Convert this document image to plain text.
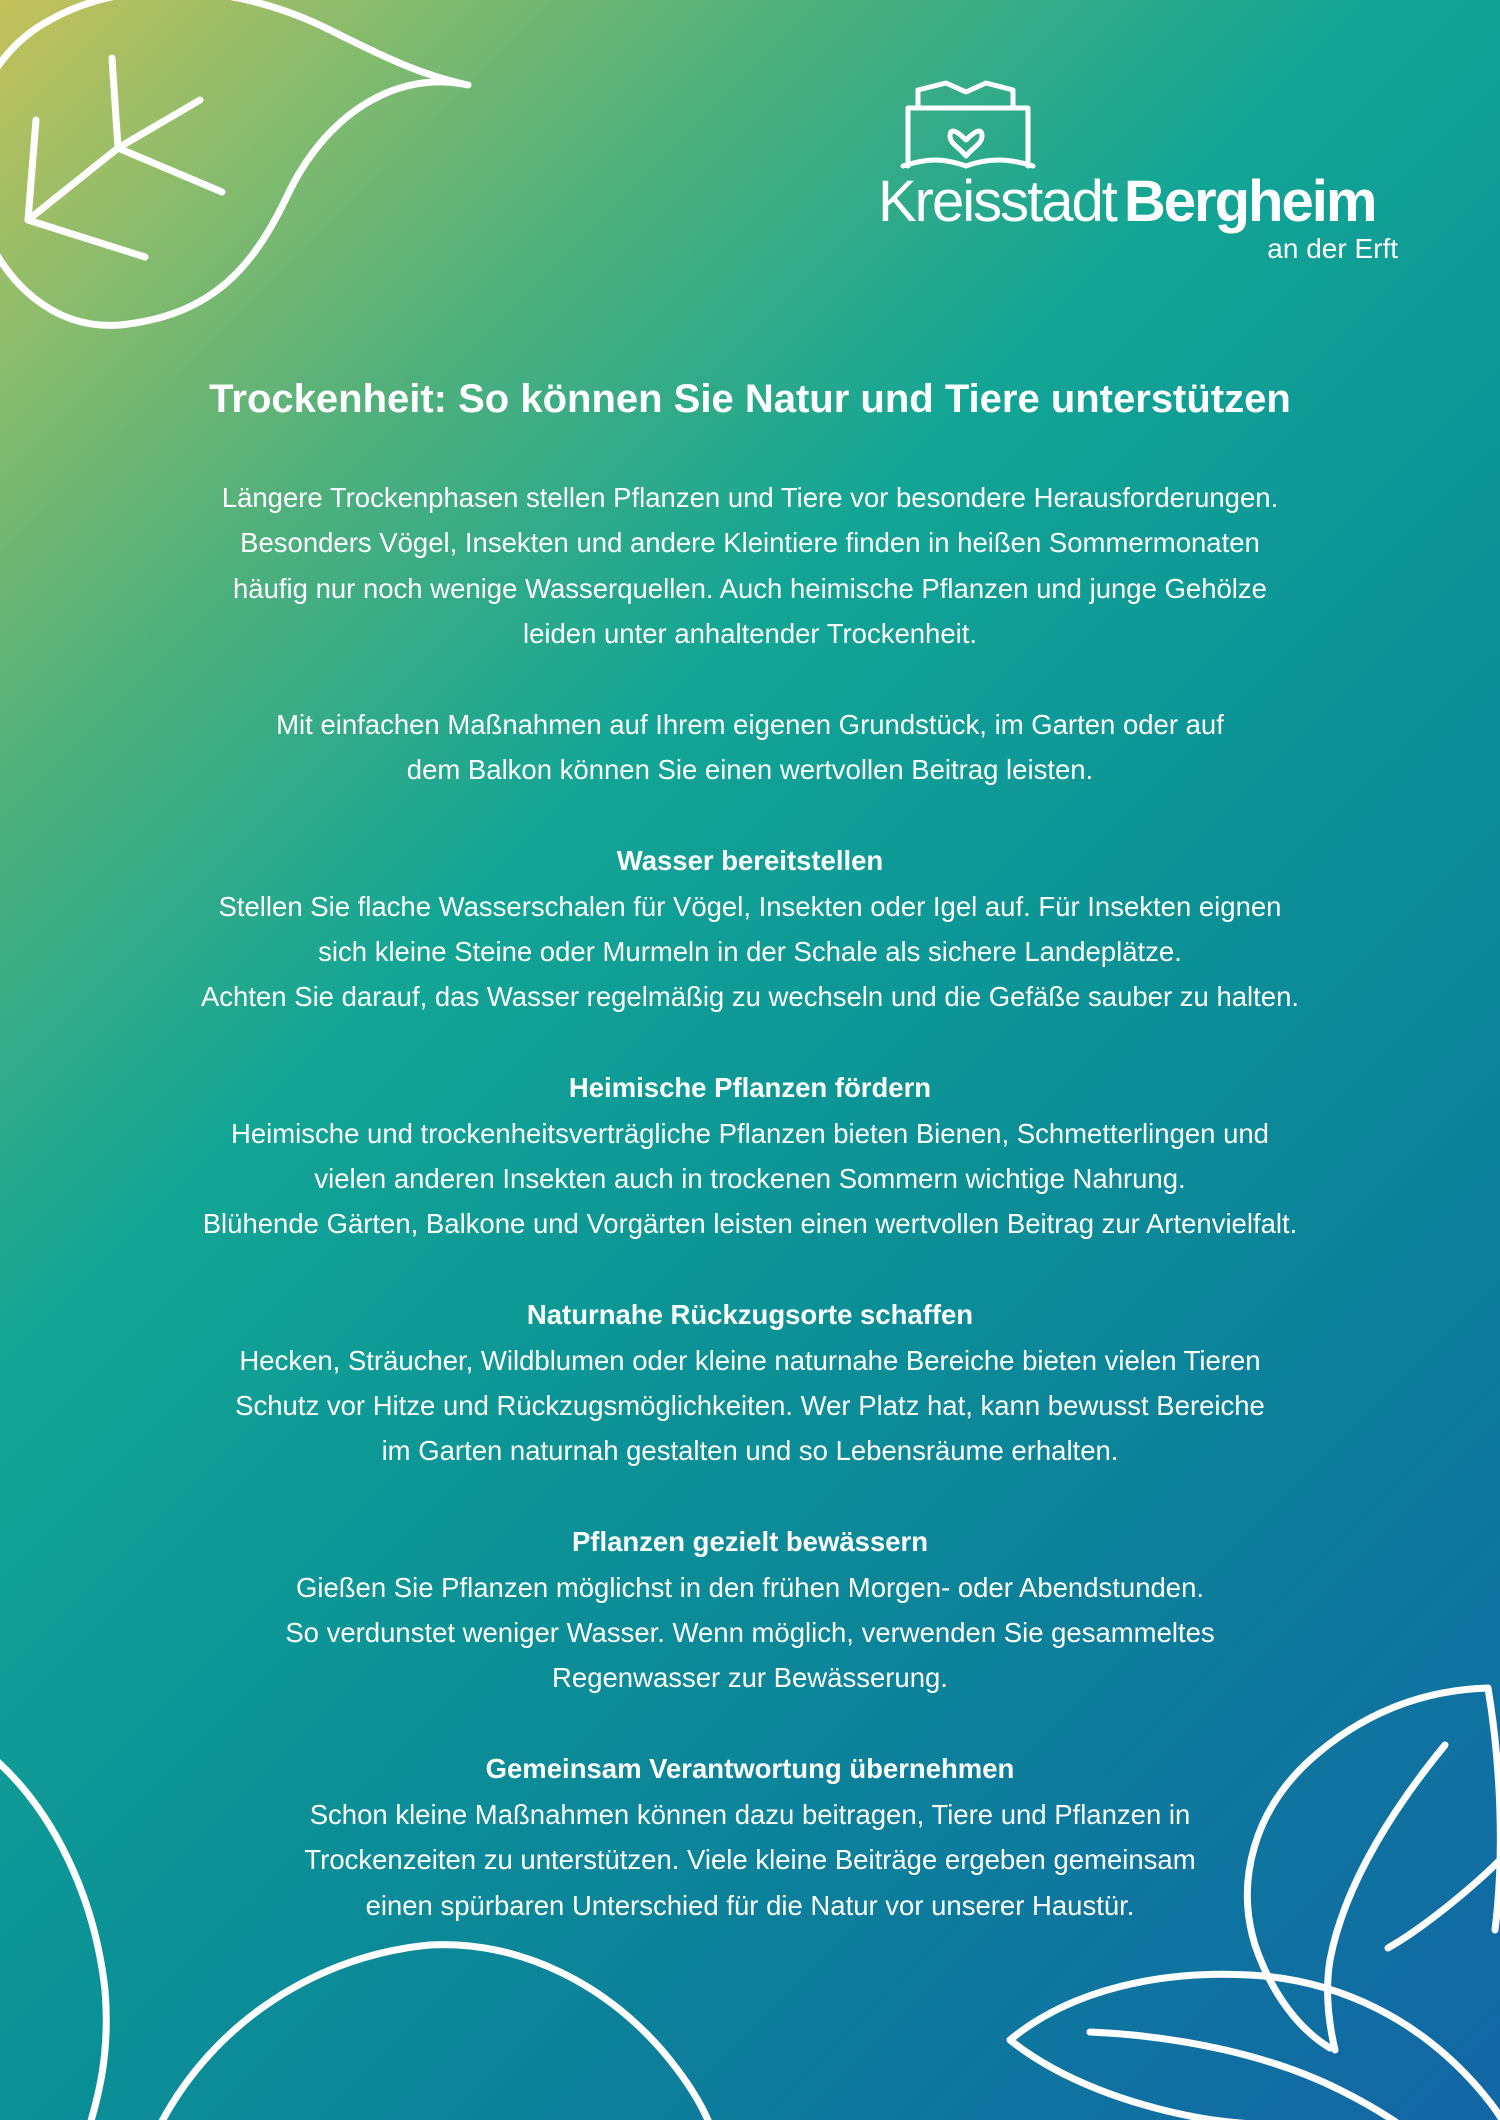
Kreisstadt Bergheim
an der Erft
Trockenheit: So können Sie Natur und Tiere unterstützen

Längere Trockenphasen stellen Pflanzen und Tiere vor besondere Herausforderungen.
Besonders Vögel, Insekten und andere Kleintiere finden in heißen Sommermonaten
häufig nur noch wenige Wasserquellen. Auch heimische Pflanzen und junge Gehölze
leiden unter anhaltender Trockenheit.

Mit einfachen Maßnahmen auf Ihrem eigenen Grundstück, im Garten oder auf
dem Balkon können Sie einen wertvollen Beitrag leisten.

Wasser bereitstellen
Stellen Sie flache Wasserschalen für Vögel, Insekten oder Igel auf. Für Insekten eignen
sich kleine Steine oder Murmeln in der Schale als sichere Landeplätze.
Achten Sie darauf, das Wasser regelmäßig zu wechseln und die Gefäße sauber zu halten.
Heimische Pflanzen fördern
Heimische und trockenheitsverträgliche Pflanzen bieten Bienen, Schmetterlingen und
vielen anderen Insekten auch in trockenen Sommern wichtige Nahrung.
Blühende Gärten, Balkone und Vorgärten leisten einen wertvollen Beitrag zur Artenvielfalt.
Naturnahe Rückzugsorte schaffen
Hecken, Sträucher, Wildblumen oder kleine naturnahe Bereiche bieten vielen Tieren
Schutz vor Hitze und Rückzugsmöglichkeiten. Wer Platz hat, kann bewusst Bereiche
im Garten naturnah gestalten und so Lebensräume erhalten.
Pflanzen gezielt bewässern
Gießen Sie Pflanzen möglichst in den frühen Morgen- oder Abendstunden.
So verdunstet weniger Wasser. Wenn möglich, verwenden Sie gesammeltes
Regenwasser zur Bewässerung.
Gemeinsam Verantwortung übernehmen
Schon kleine Maßnahmen können dazu beitragen, Tiere und Pflanzen in
Trockenzeiten zu unterstützen. Viele kleine Beiträge ergeben gemeinsam
einen spürbaren Unterschied für die Natur vor unserer Haustür.
